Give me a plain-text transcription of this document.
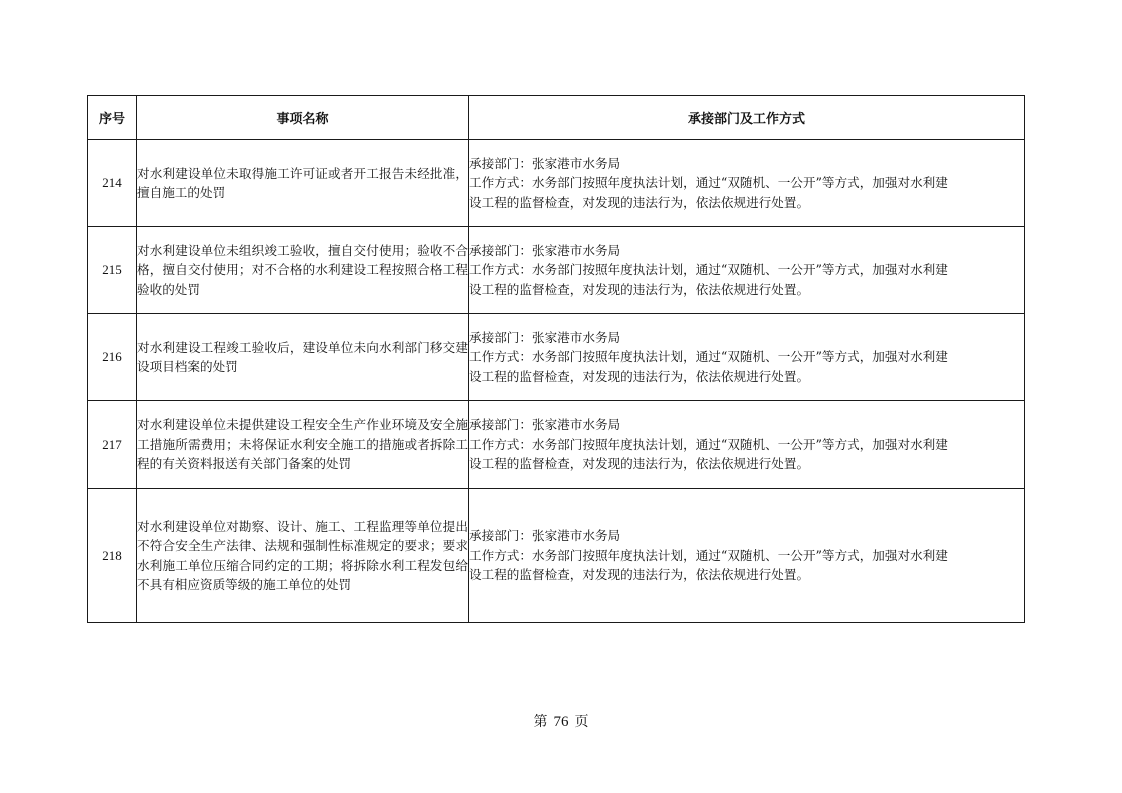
序号	事项名称	承接部门及工作方式
214	对水利建设单位未取得施工许可证或者开工报告未经批准，擅自施工的处罚	承接部门：张家港市水务局
工作方式：水务部门按照年度执法计划，通过“双随机、一公开”等方式，加强对水利建
设工程的监督检查，对发现的违法行为，依法依规进行处置。

215	对水利建设单位未组织竣工验收，擅自交付使用；验收不合格，擅自交付使用；对不合格的水利建设工程按照合格工程验收的处罚	承接部门：张家港市水务局
工作方式：水务部门按照年度执法计划，通过“双随机、一公开”等方式，加强对水利建
设工程的监督检查，对发现的违法行为，依法依规进行处置。

216	对水利建设工程竣工验收后，建设单位未向水利部门移交建设项目档案的处罚	承接部门：张家港市水务局
工作方式：水务部门按照年度执法计划，通过“双随机、一公开”等方式，加强对水利建
设工程的监督检查，对发现的违法行为，依法依规进行处置。

217	对水利建设单位未提供建设工程安全生产作业环境及安全施工措施所需费用；未将保证水利安全施工的措施或者拆除工程的有关资料报送有关部门备案的处罚	承接部门：张家港市水务局
工作方式：水务部门按照年度执法计划，通过“双随机、一公开”等方式，加强对水利建
设工程的监督检查，对发现的违法行为，依法依规进行处置。

218	对水利建设单位对勘察、设计、施工、工程监理等单位提出不符合安全生产法律、法规和强制性标准规定的要求；要求水利施工单位压缩合同约定的工期；将拆除水利工程发包给不具有相应资质等级的施工单位的处罚	承接部门：张家港市水务局
工作方式：水务部门按照年度执法计划，通过“双随机、一公开”等方式，加强对水利建
设工程的监督检查，对发现的违法行为，依法依规进行处置。
第 76 页
